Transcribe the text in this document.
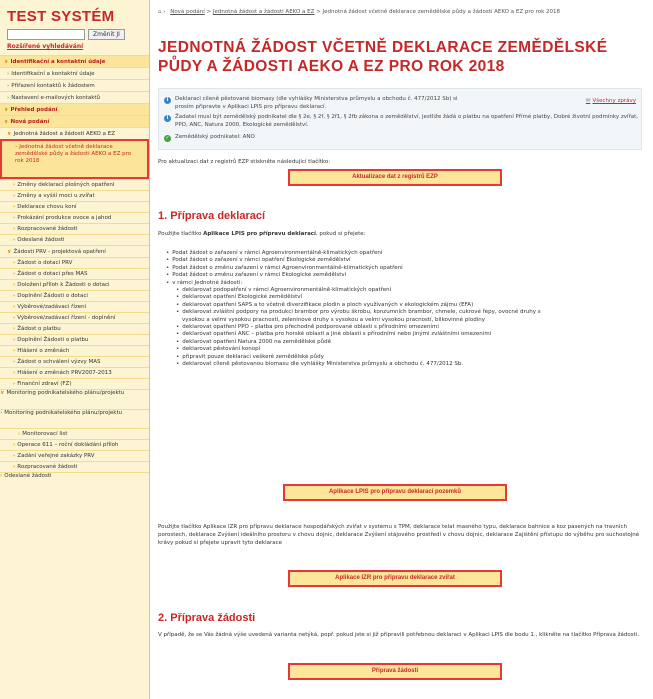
TEST SYSTÉM
Změnit JI
Rozšířené vyhledávání
∨ Identifikační a kontaktní údaje
› Identifikační a kontaktní údaje
› Přiřazení kontaktů k žádostem
› Nastavení e-mailových kontaktů
∨ Přehled podání
∨ Nová podání
∨ Jednotná žádost a žádosti AEKO a EZ
› Jednotná žádost včetně deklarace zemědělské půdy a žádosti AEKO a EZ pro rok 2018
› Změny deklarací plošných opatření
› Změny a vyšší moci u zvířat
› Deklarace chovu koní
› Prokázání produkce ovoce a jahod
› Rozpracované žádosti
› Odeslané žádosti
∨ Žádosti PRV - projektová opatření
› Žádost o dotaci PRV
› Žádost o dotaci přes MAS
› Doložení příloh k Žádosti o dotaci
› Doplnění Žádosti o dotaci
› Výběrové/zadávací řízení
› Výběrové/zadávací řízení - doplnění
› Žádost o platbu
› Doplnění Žádosti o platbu
› Hlášení o změnách
› Žádost o schválení výzvy MAS
› Hlášení o změnách PRV2007-2013
› Finanční zdraví (FZ)
∨ Monitoring podnikatelského plánu/projektu
› Monitoring podnikatelského plánu/projektu
› Monitorovací list
› Operace 611 – roční dokládání příloh
› Zadání veřejné zakázky PRV
› Rozpracované žádosti
› Odeslané žádosti
⌂ › Nová podání > Jednotná žádost a žádosti AEKO a EZ > Jednotná žádost včetně deklarace zemědělské půdy a žádosti AEKO a EZ pro rok 2018
JEDNOTNÁ ŽÁDOST VČETNĚ DEKLARACE ZEMĚDĚLSKÉ PŮDY A ŽÁDOSTI AEKO A EZ PRO ROK 2018
i Deklaraci cíleně pěstované biomasy (dle vyhlášky Ministerstva průmyslu a obchodu č. 477/2012 Sb) si prosím připravte v Aplikaci LPIS pro přípravu deklarací.
✉ Všechny zprávy
i Žadatel musí být zemědělský podnikatel dle § 2e, § 2f, § 2f1, § 2fb zákona o zemědělství, jestliže žádá o platbu na opatření Přímé platby, Dobré životní podmínky zvířat, PPO, ANC, Natura 2000, Ekologické zemědělství.
✓ Zemědělský podnikatel: ANO
Pro aktualizaci dat z registrů EZP stiskněte následující tlačítko:
Aktualizace dat z registrů EZP
1. Příprava deklarací
Použijte tlačítko Aplikace LPIS pro přípravu deklarací, pokud si přejete:
• Podat žádost o zařazení v rámci Agroenvironmentálně-klimatických opatření
• Podat žádost o zařazení v rámci opatření Ekologické zemědělství
• Podat žádost o změnu zařazení v rámci Agroenvironmentálně-klimatických opatření
• Podat žádost o změnu zařazení v rámci Ekologické zemědělství
• v rámci Jednotné žádosti:
• deklarovat podopatření v rámci Agroenvironmentálně-klimatických opatření
• deklarovat opatření Ekologické zemědělství
• deklarovat opatření SAPS a to včetně diverzifikace plodin a ploch využívaných v ekologickém zájmu (EFA)
• deklarovat zvláštní podpory na produkci brambor pro výrobu škrobu, konzumních brambor, chmele, cukrové řepy, ovocné druhy s
vysokou a velmi vysokou pracností, zeleninové druhy s vysokou a velmi vysokou pracností, bílkovinné plodiny
• deklarovat opatření PPO – platba pro přechodně podporované oblasti s přírodními omezeními
• deklarovat opatření ANC – platba pro horské oblasti a jiné oblasti s přírodními nebo jinými zvláštními omezeními
• deklarovat opatření Natura 2000 na zemědělské půdě
• deklarovat pěstování konopí
• připravit pouze deklaraci veškeré zemědělské půdy
• deklarovat cíleně pěstovanou biomasu dle vyhlášky Ministerstva průmyslu a obchodu č. 477/2012 Sb.
Aplikace LPIS pro přípravu deklarací pozemků
Použijte tlačítko Aplikace IZR pro přípravu deklarace hospodářských zvířat v systému s TPM, deklarace telat masného typu, deklarace bahnice a koz pasených na travních porostech, deklarace Zvýšení ideálního prostoru v chovu dojnic, deklarace Zvýšení stájového prostředí v chovu dojnic, deklarace Zajištění přístupu do výběhu pro suchostojné krávy pokud si přejete upravit tyto deklarace
Aplikace IZR pro přípravu deklarace zvířat
2. Příprava žádosti
V případě, že se Vás žádná výše uvedená varianta netýká, popř. pokud jste si již připravili potřebnou deklaraci v Aplikaci LPIS dle bodu 1., klikněte na tlačítko Příprava žádosti.
Příprava žádosti
